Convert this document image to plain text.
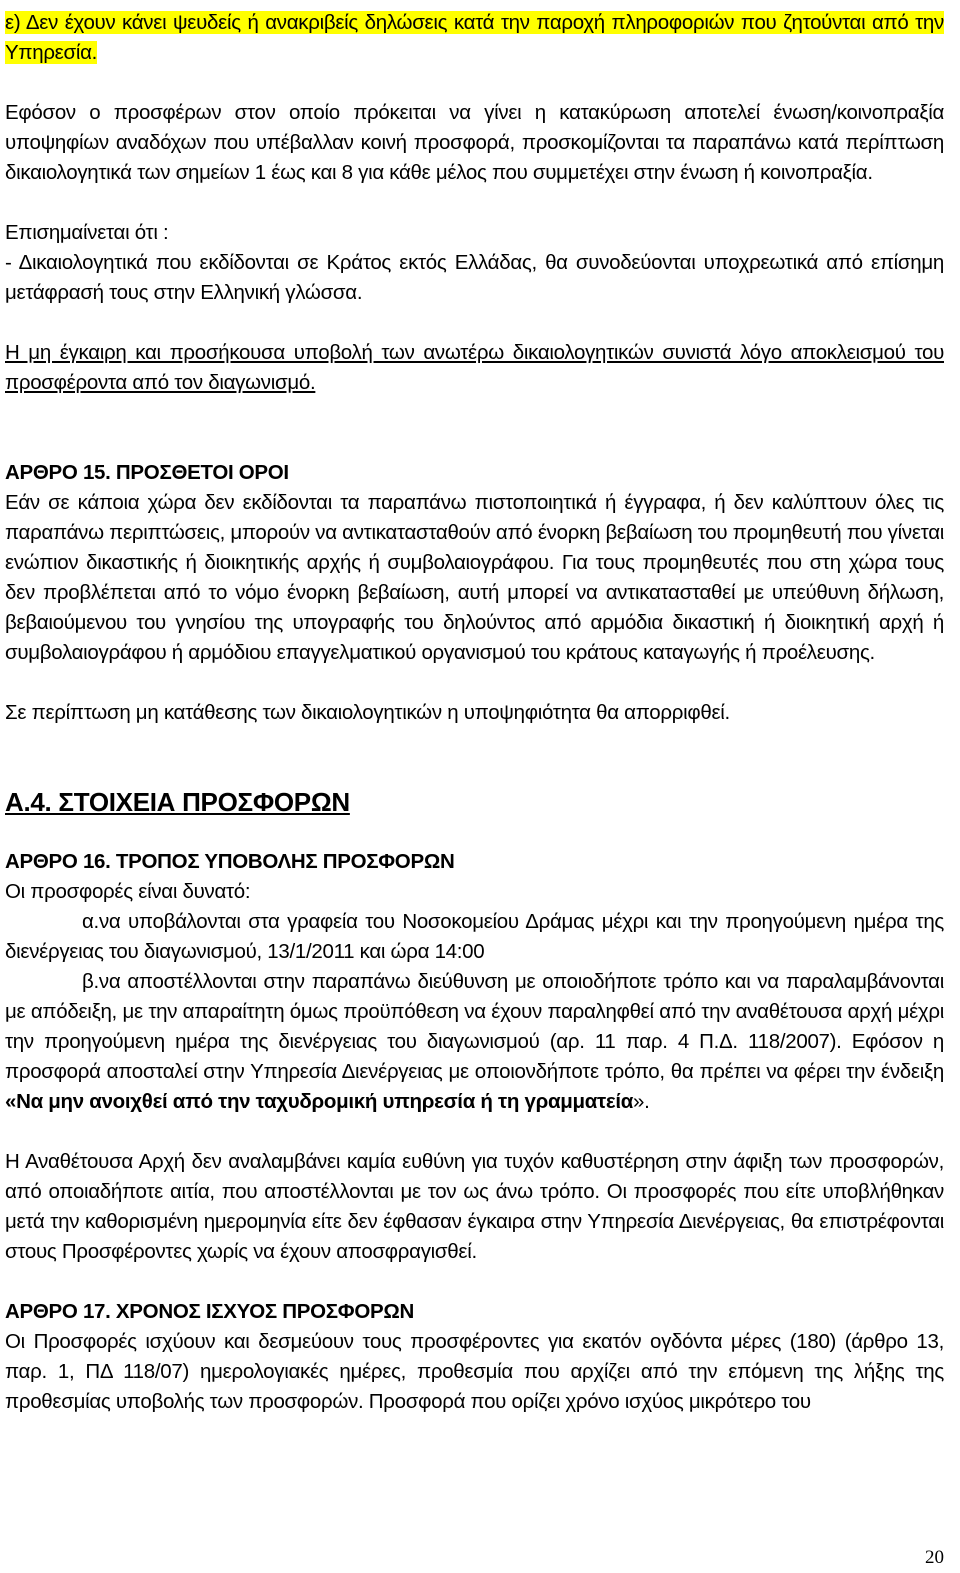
ε) Δεν έχουν κάνει ψευδείς ή ανακριβείς δηλώσεις κατά την παροχή πληροφοριών που ζητούνται από την Υπηρεσία.

Εφόσον ο προσφέρων στον οποίο πρόκειται να γίνει η κατακύρωση αποτελεί ένωση/κοινοπραξία υποψηφίων αναδόχων που υπέβαλλαν κοινή προσφορά, προσκομίζονται τα παραπάνω κατά περίπτωση δικαιολογητικά των σημείων 1 έως και 8 για κάθε μέλος που συμμετέχει στην ένωση ή κοινοπραξία.

Επισημαίνεται ότι :

- Δικαιολογητικά που εκδίδονται σε Κράτος εκτός Ελλάδας, θα συνοδεύονται υποχρεωτικά από επίσημη μετάφρασή τους στην Ελληνική γλώσσα.

Η μη έγκαιρη και προσήκουσα υποβολή των ανωτέρω δικαιολογητικών συνιστά λόγο αποκλεισμού του προσφέροντα από τον διαγωνισμό.

ΑΡΘΡΟ 15. ΠΡΟΣΘΕΤΟΙ ΟΡΟΙ

Εάν σε κάποια χώρα δεν εκδίδονται τα παραπάνω πιστοποιητικά ή έγγραφα, ή δεν καλύπτουν όλες τις παραπάνω περιπτώσεις, μπορούν να αντικατασταθούν από ένορκη βεβαίωση του προμηθευτή που γίνεται ενώπιον δικαστικής ή διοικητικής αρχής ή συμβολαιογράφου. Για τους προμηθευτές που στη χώρα τους δεν προβλέπεται από το νόμο ένορκη βεβαίωση, αυτή μπορεί να αντικατασταθεί με υπεύθυνη δήλωση, βεβαιούμενου του γνησίου της υπογραφής του δηλούντος από αρμόδια δικαστική ή διοικητική αρχή ή συμβολαιογράφου ή αρμόδιου επαγγελματικού οργανισμού του κράτους καταγωγής ή προέλευσης.

Σε περίπτωση μη κατάθεσης των δικαιολογητικών η υποψηφιότητα θα απορριφθεί.

Α.4. ΣΤΟΙΧΕΙΑ ΠΡΟΣΦΟΡΩΝ

ΑΡΘΡΟ 16. ΤΡΟΠΟΣ ΥΠΟΒΟΛΗΣ ΠΡΟΣΦΟΡΩΝ

Οι προσφορές είναι δυνατό:

α.να υποβάλονται στα γραφεία του Νοσοκομείου Δράμας μέχρι και την προηγούμενη ημέρα της διενέργειας του διαγωνισμού, 13/1/2011 και ώρα 14:00

β.να αποστέλλονται στην παραπάνω διεύθυνση με οποιοδήποτε τρόπο και να παραλαμβάνονται με απόδειξη, με την απαραίτητη όμως προϋπόθεση να έχουν παραληφθεί από την αναθέτουσα αρχή μέχρι την προηγούμενη ημέρα της διενέργειας του διαγωνισμού (αρ. 11 παρ. 4 Π.Δ. 118/2007). Εφόσον η προσφορά αποσταλεί στην Υπηρεσία Διενέργειας με οποιονδήποτε τρόπο, θα πρέπει να φέρει την ένδειξη «Να μην ανοιχθεί από την ταχυδρομική υπηρεσία ή τη γραμματεία».

Η Αναθέτουσα Αρχή δεν αναλαμβάνει καμία ευθύνη για τυχόν καθυστέρηση στην άφιξη των προσφορών, από οποιαδήποτε αιτία, που αποστέλλονται με τον ως άνω τρόπο. Οι προσφορές που είτε υποβλήθηκαν μετά την καθορισμένη ημερομηνία είτε δεν έφθασαν έγκαιρα στην Υπηρεσία Διενέργειας, θα επιστρέφονται στους Προσφέροντες χωρίς να έχουν αποσφραγισθεί.

ΑΡΘΡΟ 17. ΧΡΟΝΟΣ ΙΣΧΥΟΣ ΠΡΟΣΦΟΡΩΝ

Οι Προσφορές ισχύουν και δεσμεύουν τους προσφέροντες για εκατόν ογδόντα μέρες (180) (άρθρο 13, παρ. 1, ΠΔ 118/07) ημερολογιακές ημέρες, προθεσμία που αρχίζει από την επόμενη της λήξης της προθεσμίας υποβολής των προσφορών. Προσφορά που ορίζει χρόνο ισχύος μικρότερο του

20
